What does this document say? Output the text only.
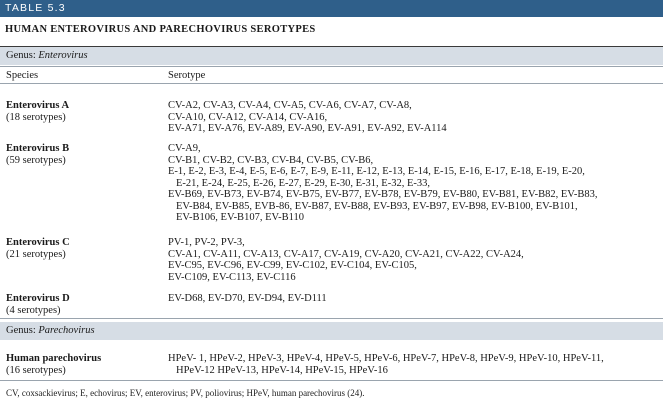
TABLE 5.3
HUMAN ENTEROVIRUS AND PARECHOVIRUS SEROTYPES
Genus: Enterovirus
Species	Serotype
Enterovirus A
(18 serotypes)
CV-A2, CV-A3, CV-A4, CV-A5, CV-A6, CV-A7, CV-A8,
CV-A10, CV-A12, CV-A14, CV-A16,
EV-A71, EV-A76, EV-A89, EV-A90, EV-A91, EV-A92, EV-A114
Enterovirus B
(59 serotypes)
CV-A9,
CV-B1, CV-B2, CV-B3, CV-B4, CV-B5, CV-B6,
E-1, E-2, E-3, E-4, E-5, E-6, E-7, E-9, E-11, E-12, E-13, E-14, E-15, E-16, E-17, E-18, E-19, E-20,
E-21, E-24, E-25, E-26, E-27, E-29, E-30, E-31, E-32, E-33,
EV-B69, EV-B73, EV-B74, EV-B75, EV-B77, EV-B78, EV-B79, EV-B80, EV-B81, EV-B82, EV-B83,
EV-B84, EV-B85, EVB-86, EV-B87, EV-B88, EV-B93, EV-B97, EV-B98, EV-B100, EV-B101,
EV-B106, EV-B107, EV-B110
Enterovirus C
(21 serotypes)
PV-1, PV-2, PV-3,
CV-A1, CV-A11, CV-A13, CV-A17, CV-A19, CV-A20, CV-A21, CV-A22, CV-A24,
EV-C95, EV-C96, EV-C99, EV-C102, EV-C104, EV-C105,
EV-C109, EV-C113, EV-C116
Enterovirus D
(4 serotypes)
EV-D68, EV-D70, EV-D94, EV-D111
Genus: Parechovirus
Human parechovirus
(16 serotypes)
HPeV- 1, HPeV-2, HPeV-3, HPeV-4, HPeV-5, HPeV-6, HPeV-7, HPeV-8, HPeV-9, HPeV-10, HPeV-11,
HPeV-12 HPeV-13, HPeV-14, HPeV-15, HPeV-16
CV, coxsackievirus; E, echovirus; EV, enterovirus; PV, poliovirus; HPeV, human parechovirus (24).
